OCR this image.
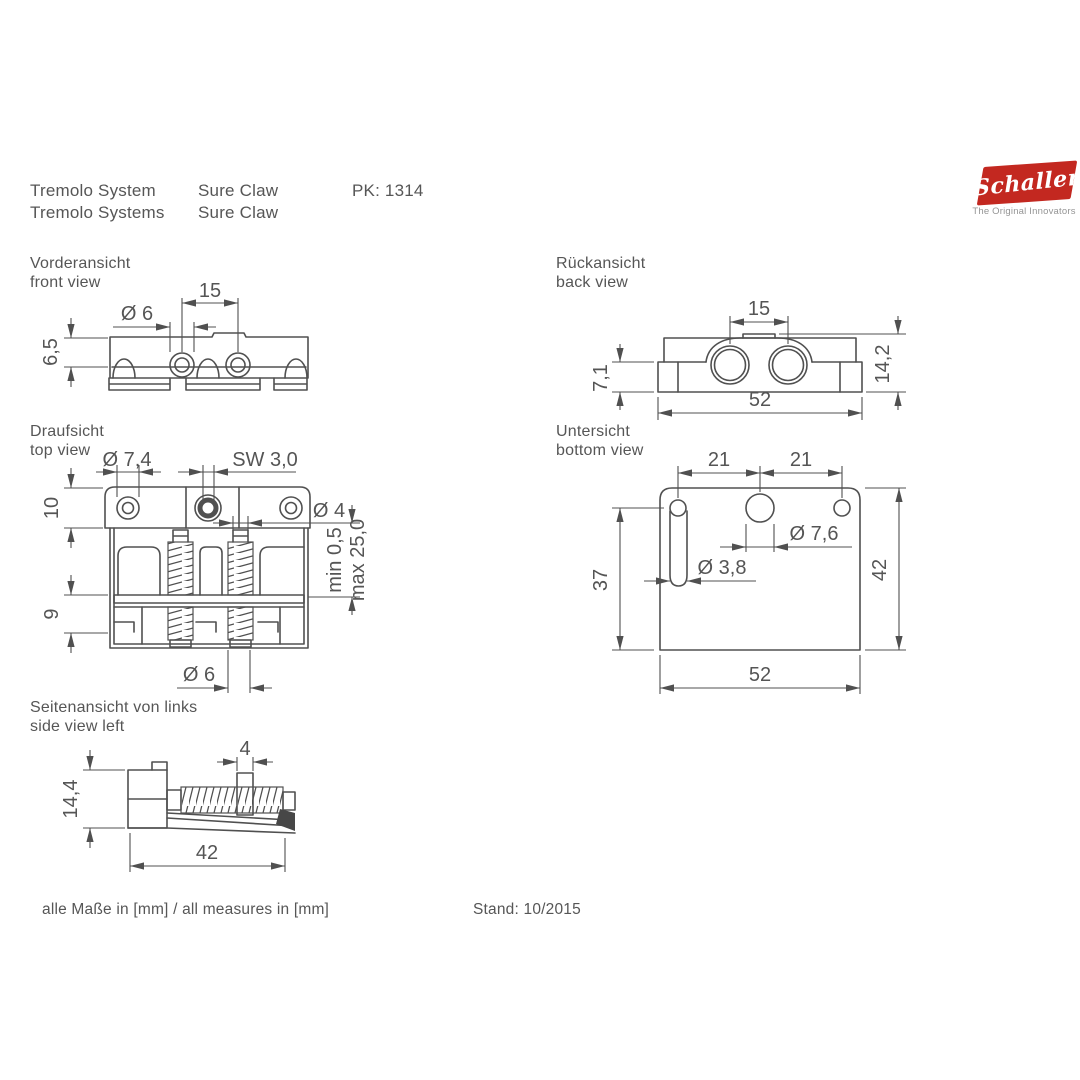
15
Ø 6
6,5
15
7,1	14,2
52
Ø 7,4	SW 3,0
10
9
Ø 4
min 0,5 max 25,0
Ø 6
21	21
Ø 7,6
Ø 3,8
37	42
52
4
14,4
42
Tremolo System Sure Claw	PK: 1314
Tremolo Systems Sure Claw
Schaller
The Original Innovators
Vorderansicht
front view
Rückansicht
back view
Draufsicht
top view
Untersicht
bottom view
Seitenansicht von links
side view left
alle Maße in [mm] / all measures in [mm]	Stand: 10/2015
